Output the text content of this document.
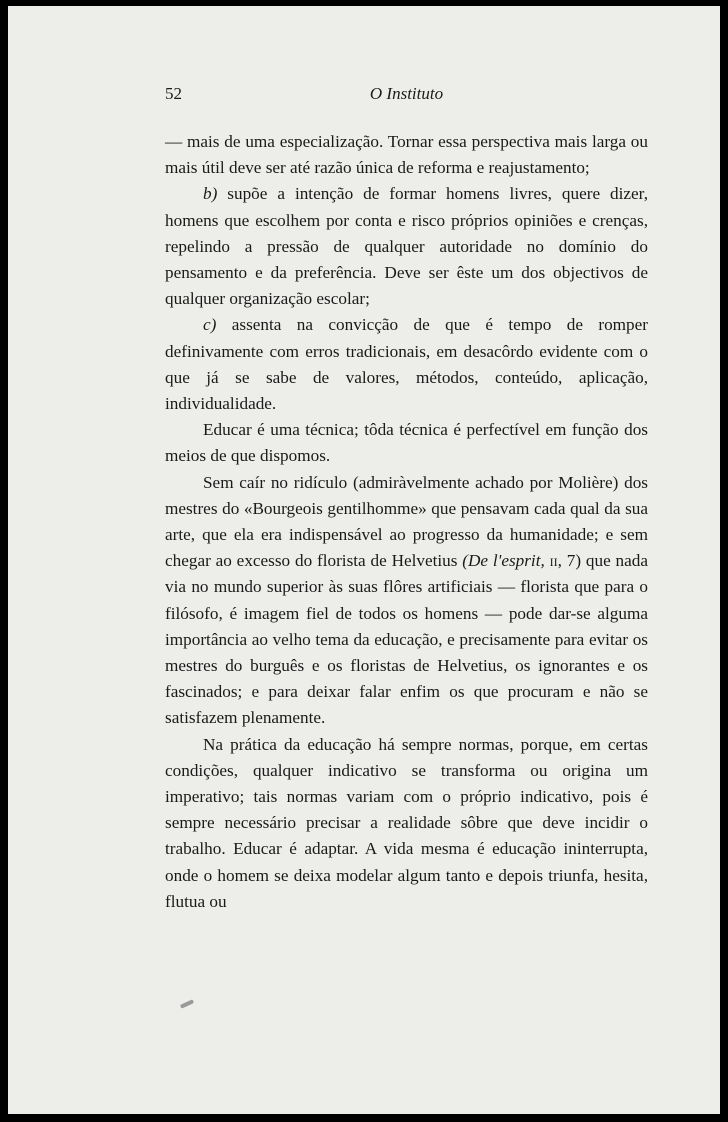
52	O Instituto

— mais de uma especialização. Tornar essa perspectiva mais larga ou mais útil deve ser até razão única de reforma e reajustamento;

b) supõe a intenção de formar homens livres, quere dizer, homens que escolhem por conta e risco próprios opiniões e crenças, repelindo a pressão de qualquer autoridade no domínio do pensamento e da preferência. Deve ser êste um dos objectivos de qualquer organização escolar;

c) assenta na convicção de que é tempo de romper definivamente com erros tradicionais, em desacôrdo evidente com o que já se sabe de valores, métodos, conteúdo, aplicação, individualidade.

Educar é uma técnica; tôda técnica é perfectível em função dos meios de que dispomos.

Sem caír no ridículo (admiràvelmente achado por Molière) dos mestres do «Bourgeois gentilhomme» que pensavam cada qual da sua arte, que ela era indispensável ao progresso da humanidade; e sem chegar ao excesso do florista de Helvetius (De l'esprit, ii, 7) que nada via no mundo superior às suas flôres artificiais — florista que para o filósofo, é imagem fiel de todos os homens — pode dar-se alguma importância ao velho tema da educação, e precisamente para evitar os mestres do burguês e os floristas de Helvetius, os ignorantes e os fascinados; e para deixar falar enfim os que procuram e não se satisfazem plenamente.

Na prática da educação há sempre normas, porque, em certas condições, qualquer indicativo se transforma ou origina um imperativo; tais normas variam com o próprio indicativo, pois é sempre necessário precisar a realidade sôbre que deve incidir o trabalho. Educar é adaptar. A vida mesma é educação ininterrupta, onde o homem se deixa modelar algum tanto e depois triunfa, hesita, flutua ou
